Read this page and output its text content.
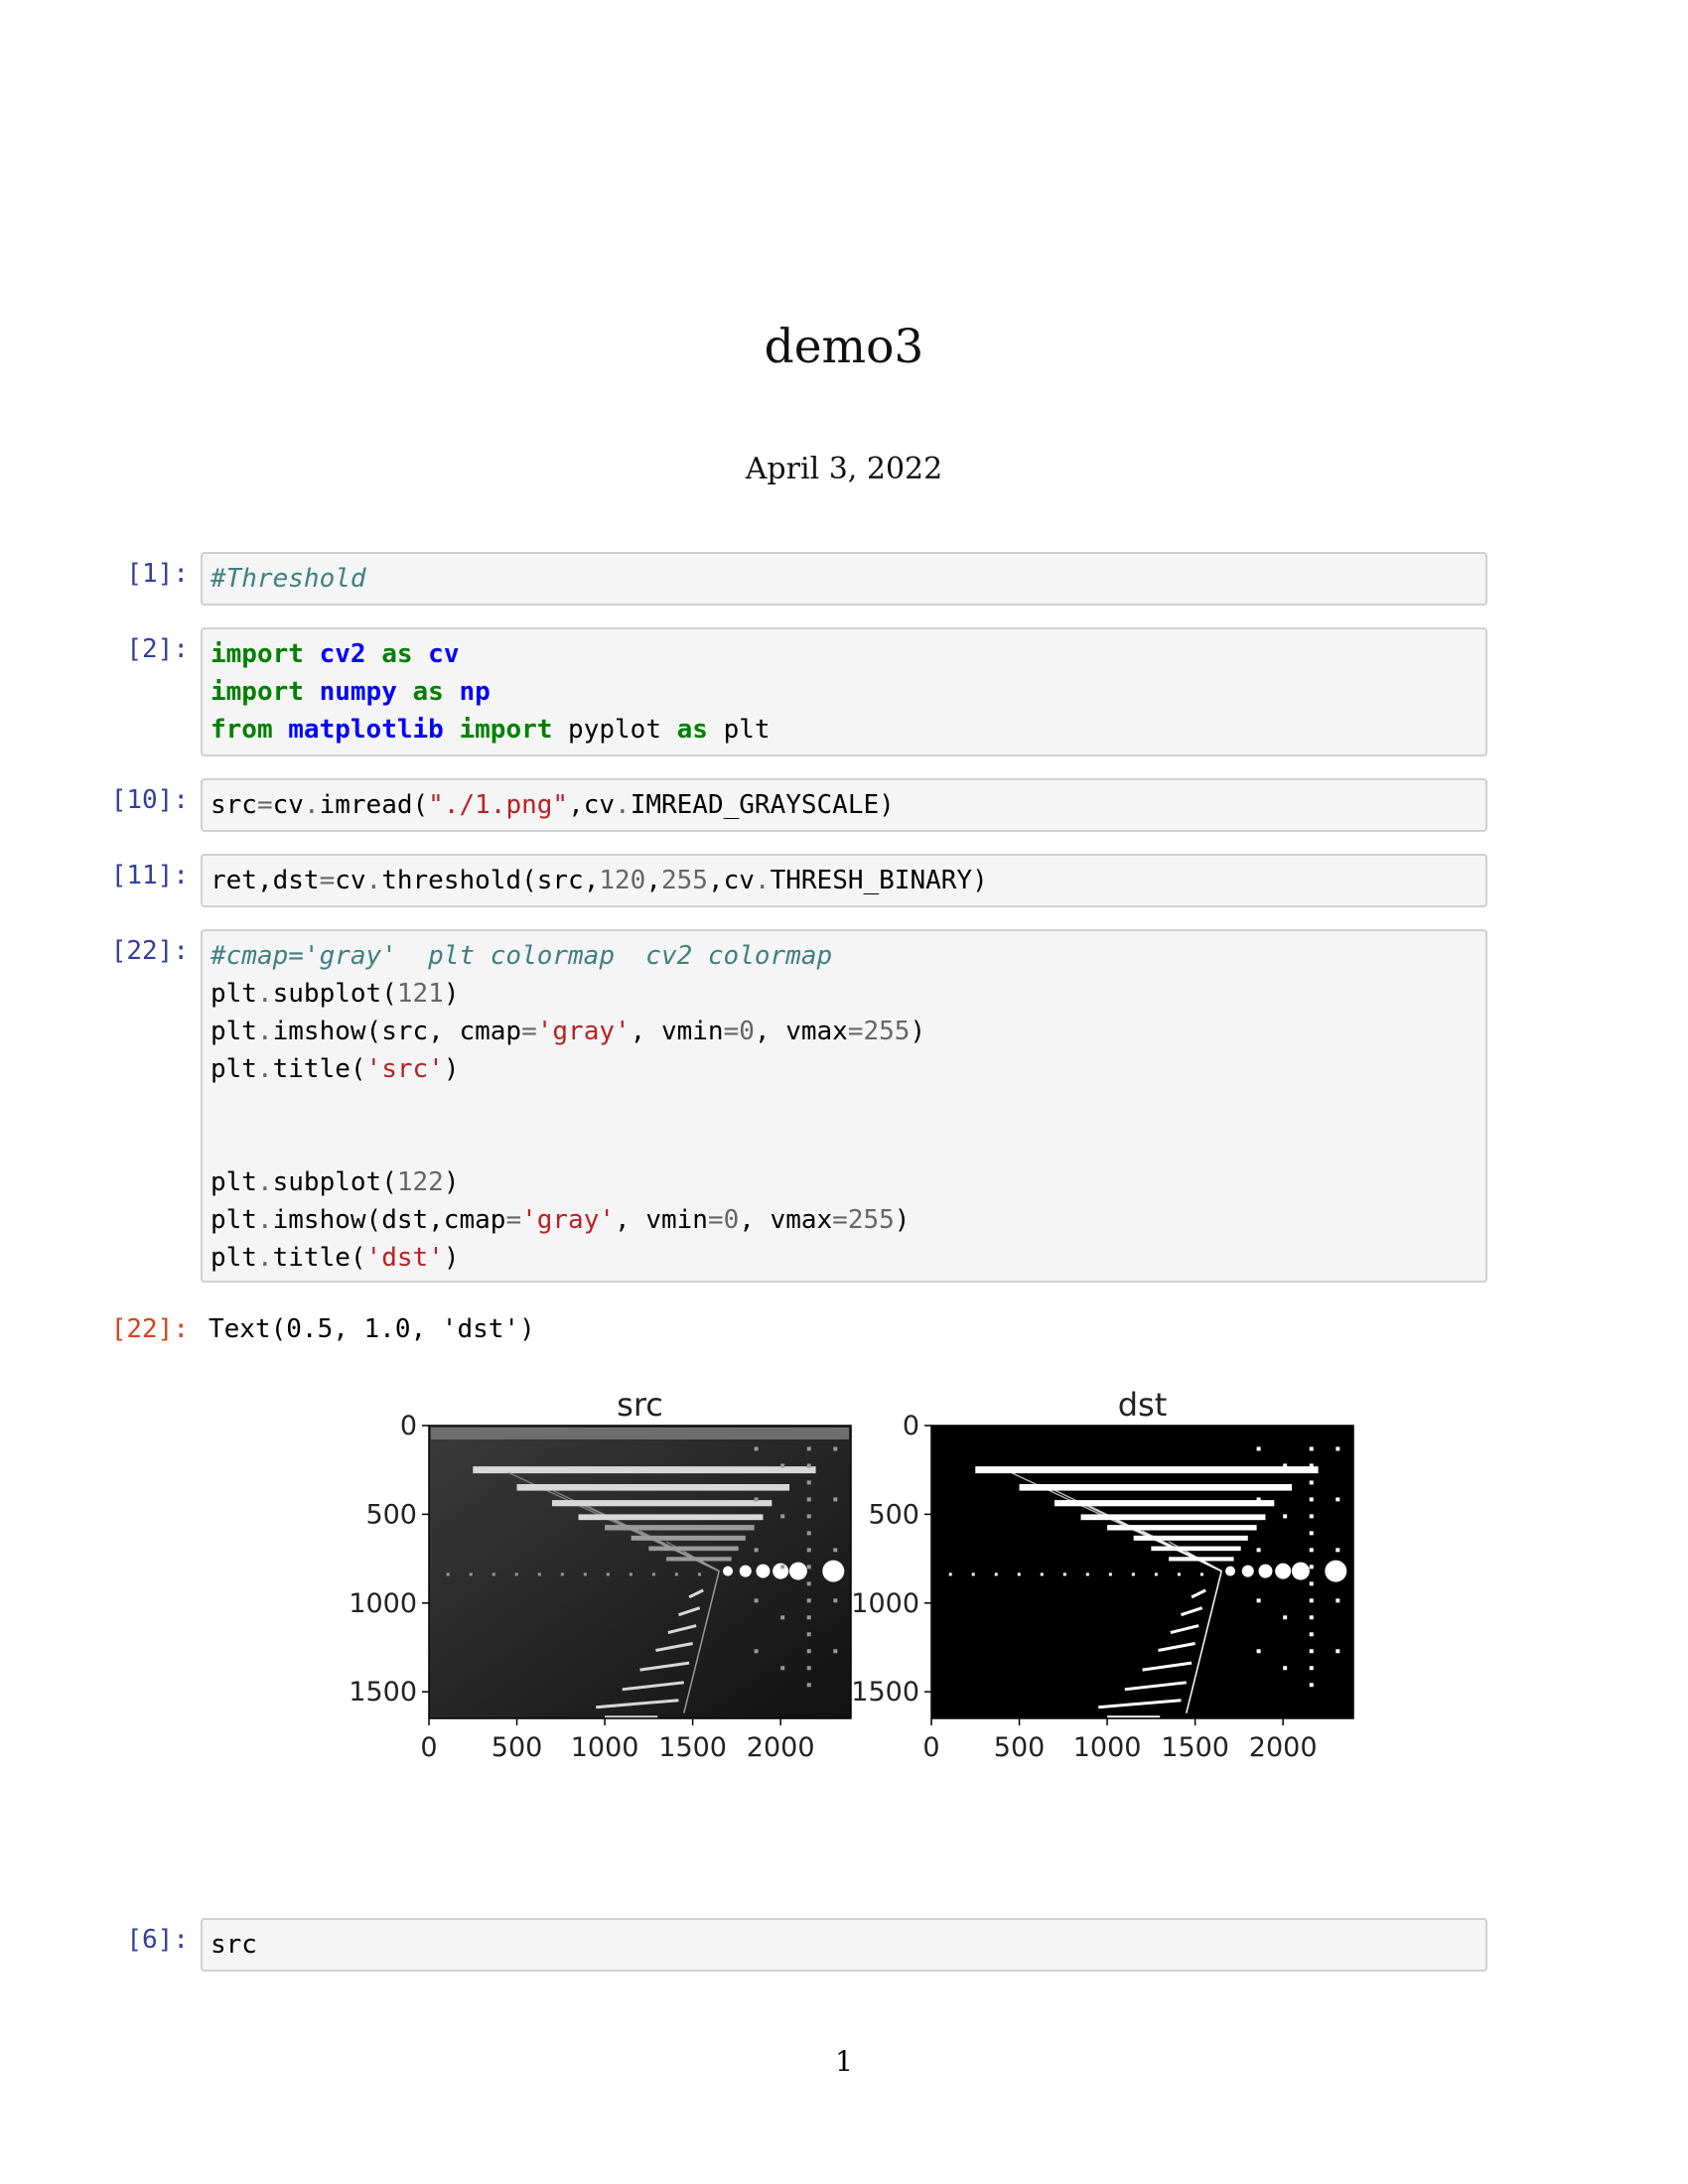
demo3
April 3, 2022
[1]: #Threshold
[2]: import cv2 as cv
import numpy as np
from matplotlib import pyplot as plt
[10]: src=cv.imread("./1.png",cv.IMREAD_GRAYSCALE)
[11]: ret,dst=cv.threshold(src,120,255,cv.THRESH_BINARY)
[22]: #cmap='gray'  plt colormap  cv2 colormap
plt.subplot(121)
plt.imshow(src, cmap='gray', vmin=0, vmax=255)
plt.title('src')
plt.subplot(122)
plt.imshow(dst,cmap='gray', vmin=0, vmax=255)
plt.title('dst')
[22]: Text(0.5, 1.0, 'dst')
src
0 500 1000 1500 2000
0
500
1000
1500
dst
0 500 1000 1500 2000
0
500
1000
1500
[6]: src
1
